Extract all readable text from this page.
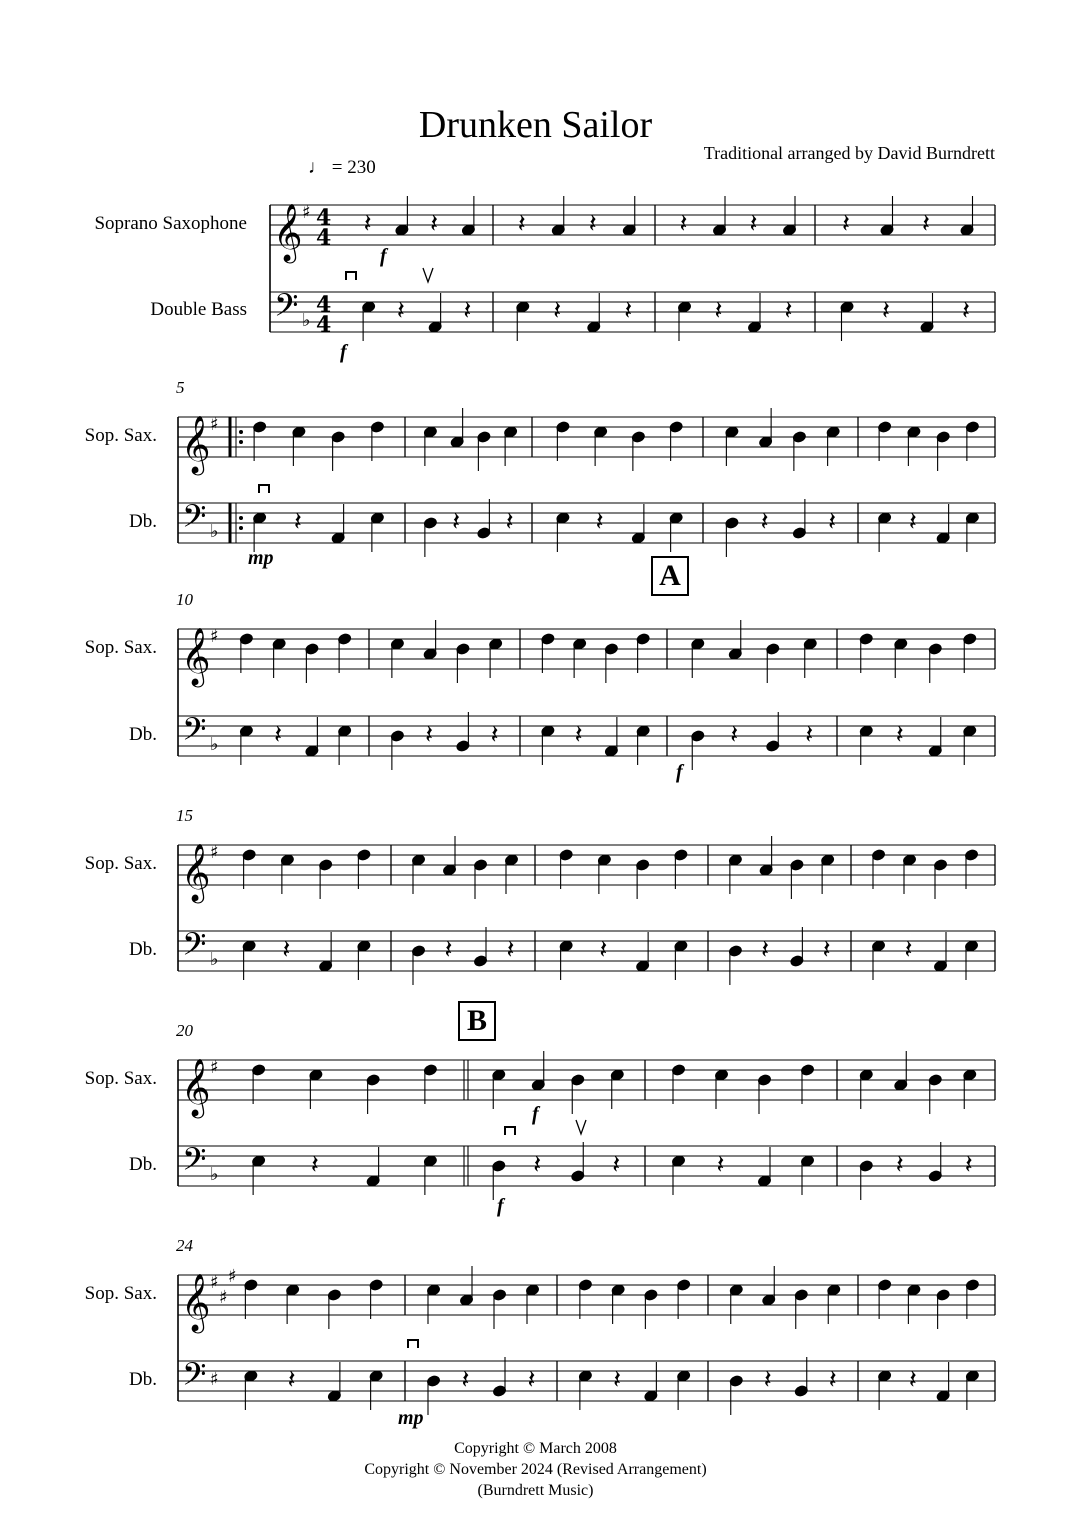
Drunken Sailor
Traditional arranged by David Burndrett
♩ = 230
Soprano Saxophone
Double Bass
Sop. Sax.
Db.
Sop. Sax.
Db.
Sop. Sax.
Db.
Sop. Sax.
Db.
Sop. Sax.
Db.
5
10
15
20
24
A
B
f
f
mp
f
f
f
mp
Copyright © March 2008
Copyright © November 2024 (Revised Arrangement)
(Burndrett Music)
𝄞
𝄢
♯
♭
4
4
4
4
𝄞
𝄢
♯
♭
𝄞
𝄢
♯
♭
𝄞
𝄢
♯
♭
𝄞
𝄢
♯
♭
𝄞
𝄢
♯
♯
♯
♯
𝄽 𝄽	𝄽 𝄽	𝄽 𝄽	𝄽	𝄽
𝄽 𝄽	𝄽 𝄽	𝄽 𝄽	𝄽	𝄽
𝄽	𝄽 𝄽	𝄽	𝄽 𝄽	𝄽
𝄽	𝄽 𝄽	𝄽	𝄽	𝄽	𝄽
𝄽	𝄽 𝄽	𝄽	𝄽 𝄽	𝄽
𝄽	𝄽	𝄽	𝄽	𝄽 𝄽
𝄽	𝄽 𝄽	𝄽	𝄽 𝄽	𝄽
